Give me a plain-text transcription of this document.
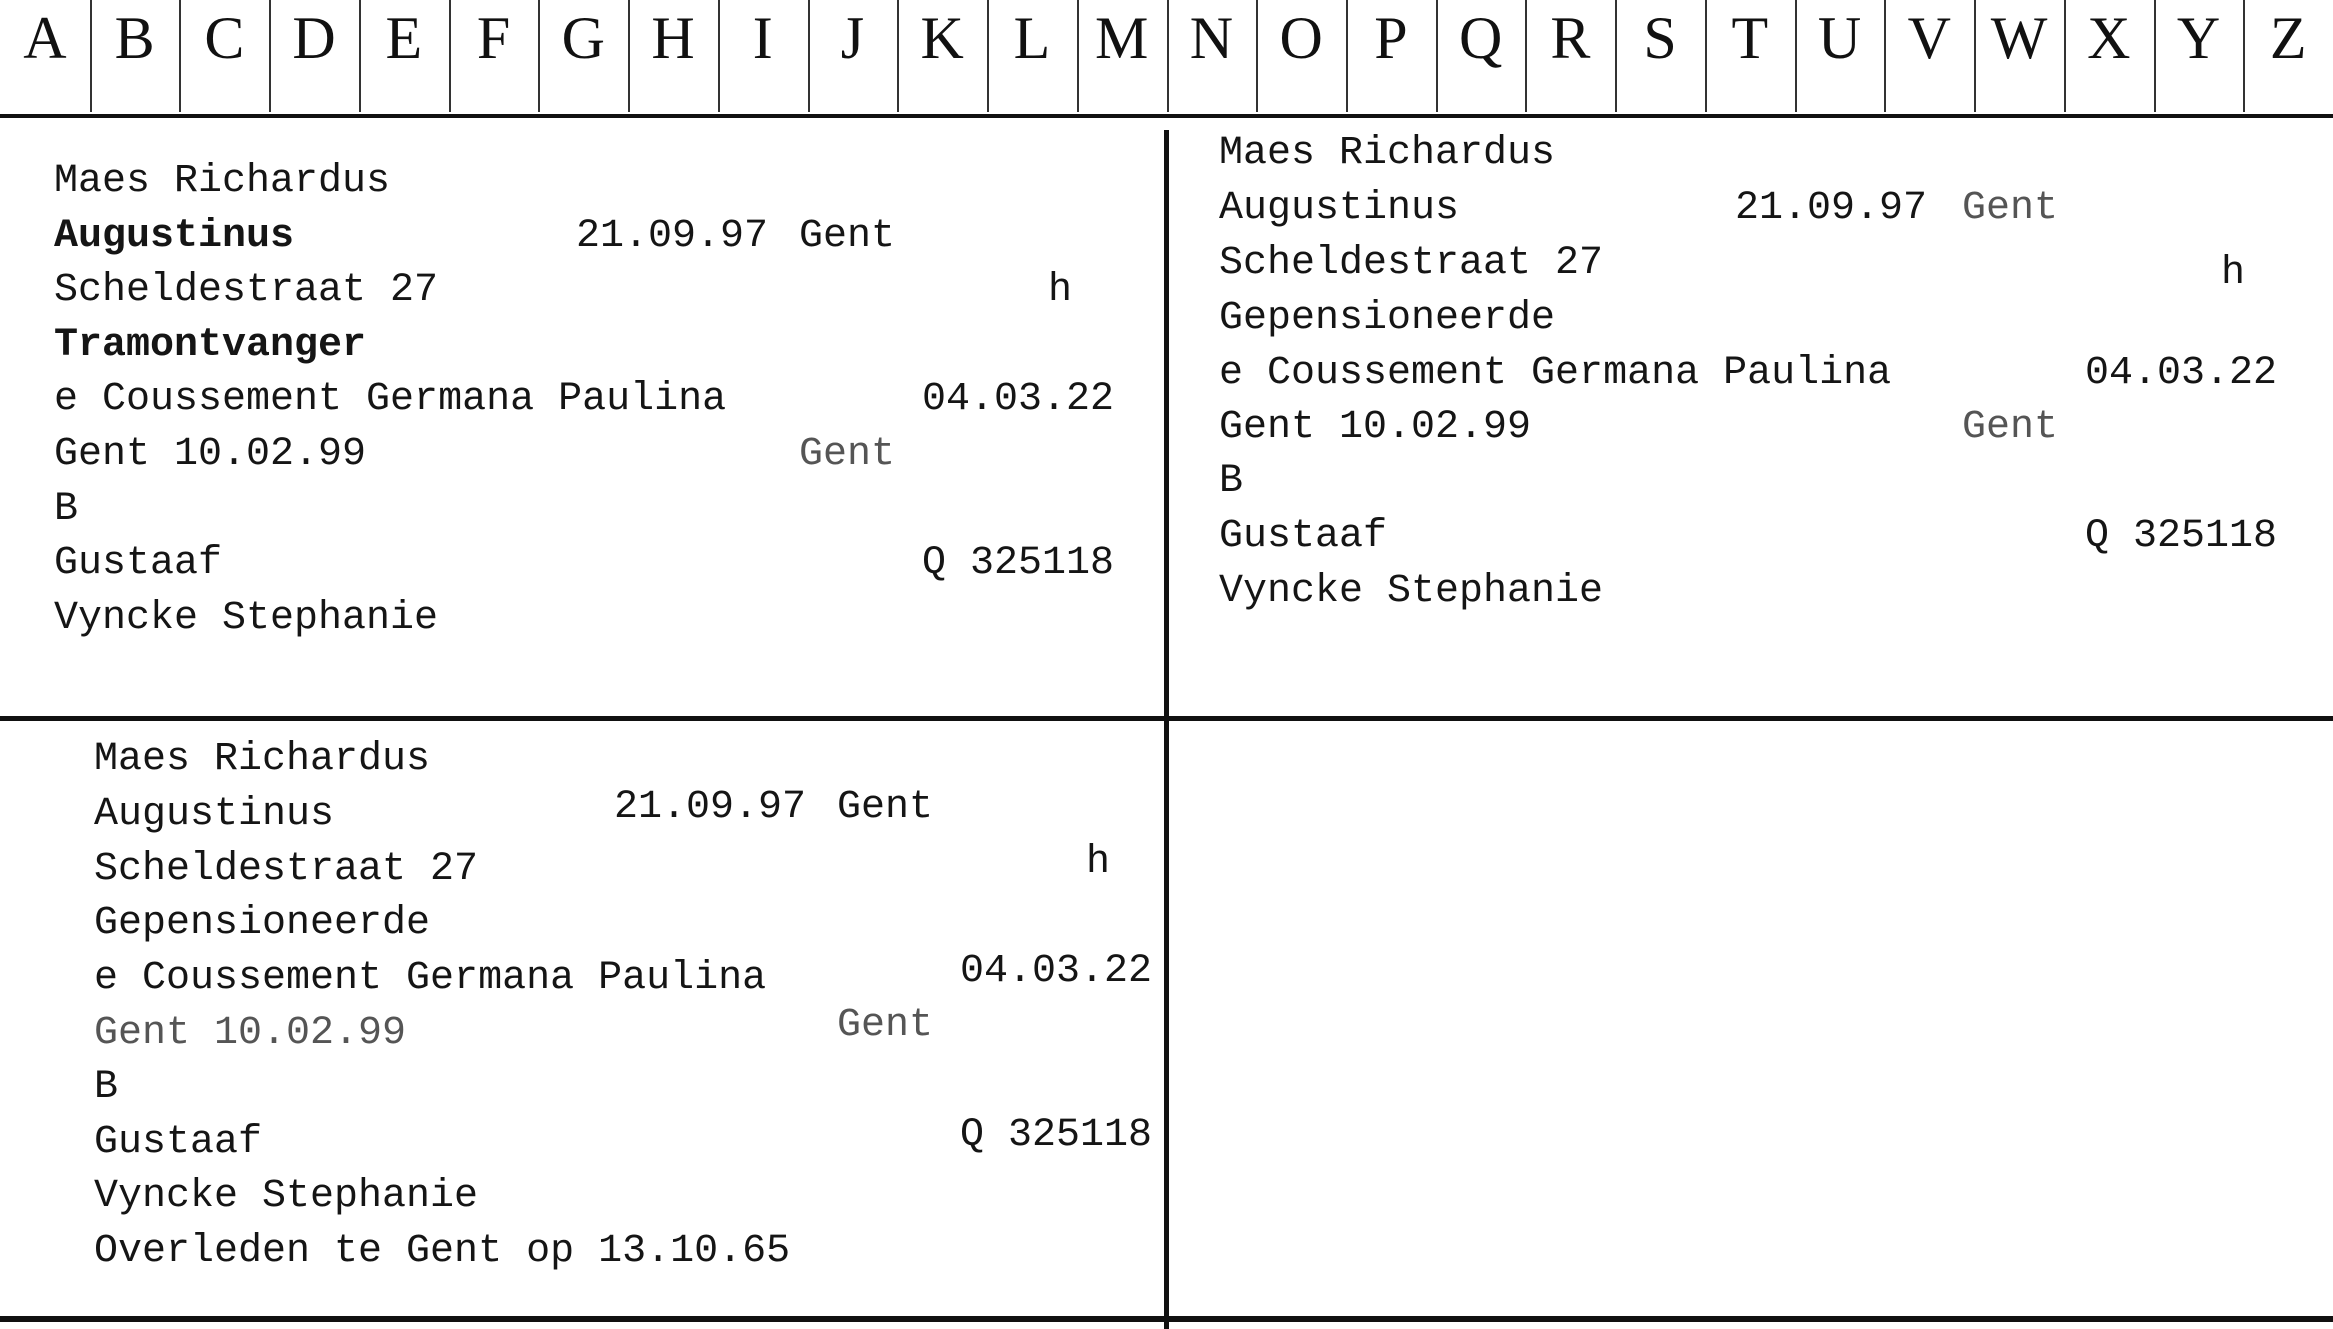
A B C D E F G H I	J K L M N O P Q R S T U V W X Y Z
Maes Richardus
Augustinus	21.09.97 Gent
Scheldestraat 27	h
Tramontvanger
e Coussement Germana Paulina	04.03.22
Gent 10.02.99	Gent
B
Gustaaf	Q 325118
Vyncke Stephanie
Maes Richardus
Augustinus	21.09.97 Gent
Scheldestraat 27	h
Gepensioneerde
e Coussement Germana Paulina	04.03.22
Gent 10.02.99	Gent
B
Gustaaf	Q 325118
Vyncke Stephanie
Maes Richardus
Augustinus	21.09.97 Gent
Scheldestraat 27	h
Gepensioneerde
e Coussement Germana Paulina	04.03.22
Gent 10.02.99	Gent
B
Gustaaf	Q 325118
Vyncke Stephanie
Overleden te Gent op 13.10.65
